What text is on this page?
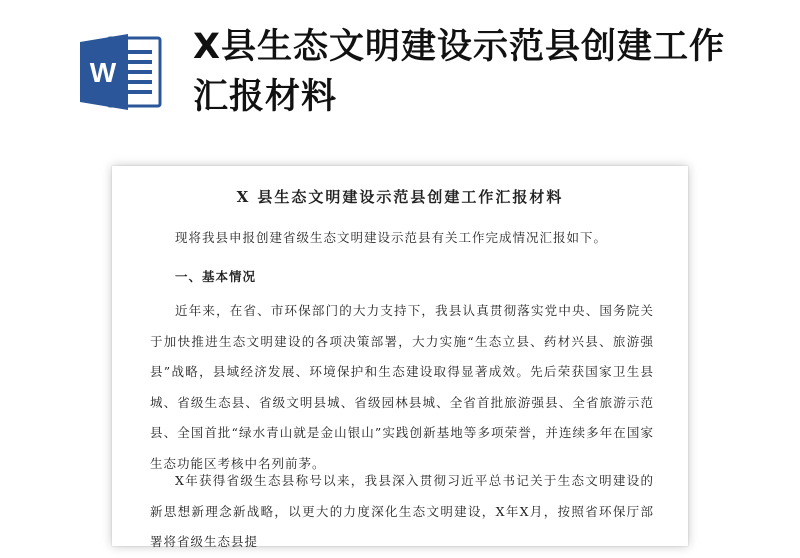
W
X县生态文明建设示范县创建工作汇报材料
X 县生态文明建设示范县创建工作汇报材料
现将我县申报创建省级生态文明建设示范县有关工作完成情况汇报如下。
一、基本情况
近年来，在省、市环保部门的大力支持下，我县认真贯彻落实党中央、国务院关于加快推进生态文明建设的各项决策部署，大力实施“生态立县、药材兴县、旅游强县”战略，县域经济发展、环境保护和生态建设取得显著成效。先后荣获国家卫生县城、省级生态县、省级文明县城、省级园林县城、全省首批旅游强县、全省旅游示范县、全国首批“绿水青山就是金山银山”实践创新基地等多项荣誉，并连续多年在国家生态功能区考核中名列前茅。
X年获得省级生态县称号以来，我县深入贯彻习近平总书记关于生态文明建设的新思想新理念新战略，以更大的力度深化生态文明建设，X年X月，按照省环保厅部署将省级生态县提
